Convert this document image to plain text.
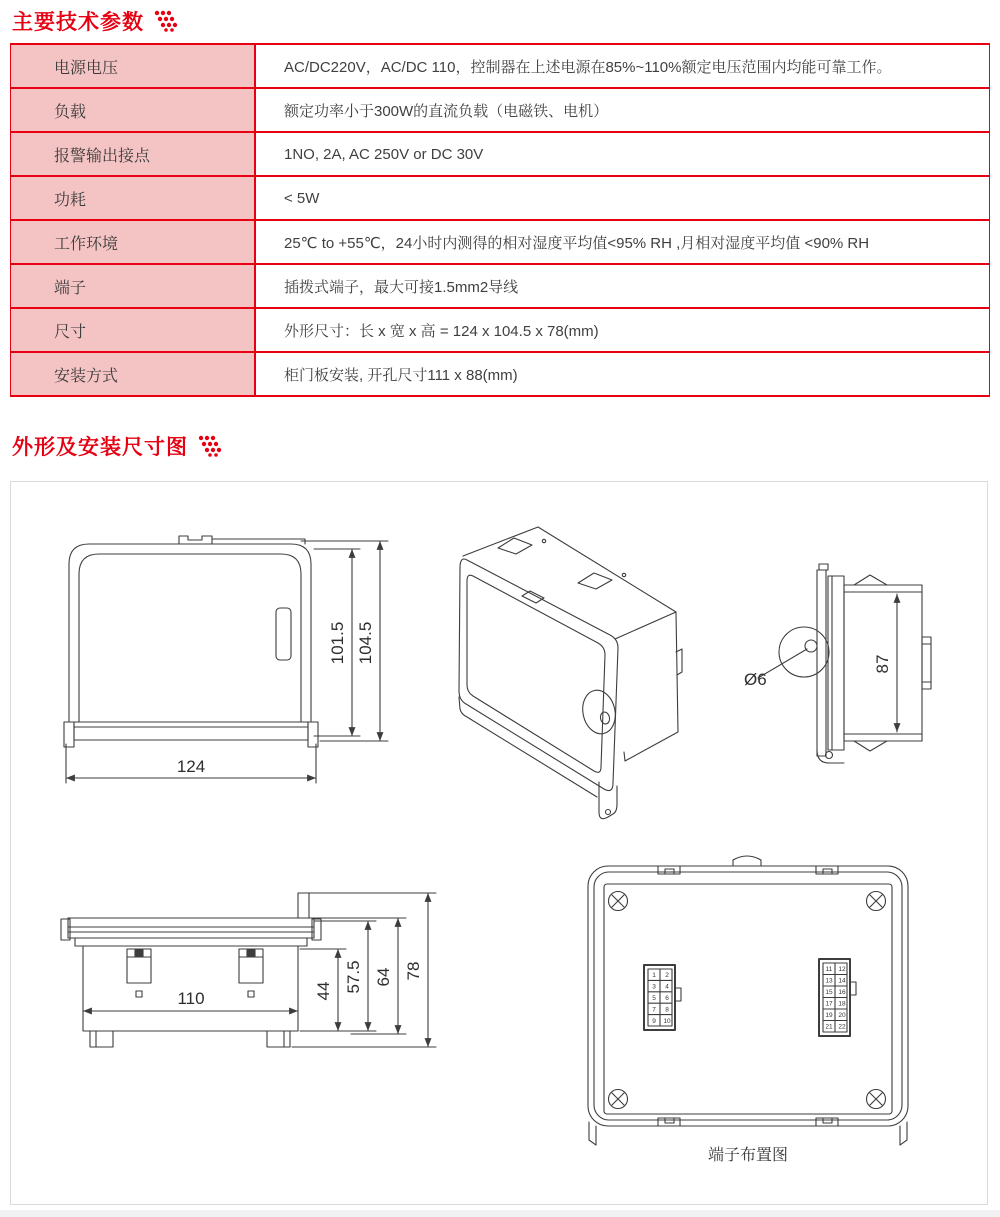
主要技术参数
电源电压	AC/DC220V，AC/DC 110，控制器在上述电源在85%~110%额定电压范围内均能可靠工作。
负载	额定功率小于300W的直流负载（电磁铁、电机）
报警输出接点	1NO, 2A, AC 250V or DC 30V
功耗	< 5W
工作环境	25℃ to +55℃，24小时内测得的相对湿度平均值<95% RH ,月相对湿度平均值 <90% RH
端子	插拨式端子，最大可接1.5mm2导线
尺寸	外形尺寸：长 x 宽 x 高 = 124 x 104.5 x 78(mm)
安装方式	柜门板安装, 开孔尺寸111 x 88(mm)
外形及安装尺寸图
124
101.5 104.5
Ø6
87
110	44 57.5 64 78
端子布置图
1 2
3 4
5 6
7 8
9 10
11 12
13 14
15 16
17 18
19 20
21 22
